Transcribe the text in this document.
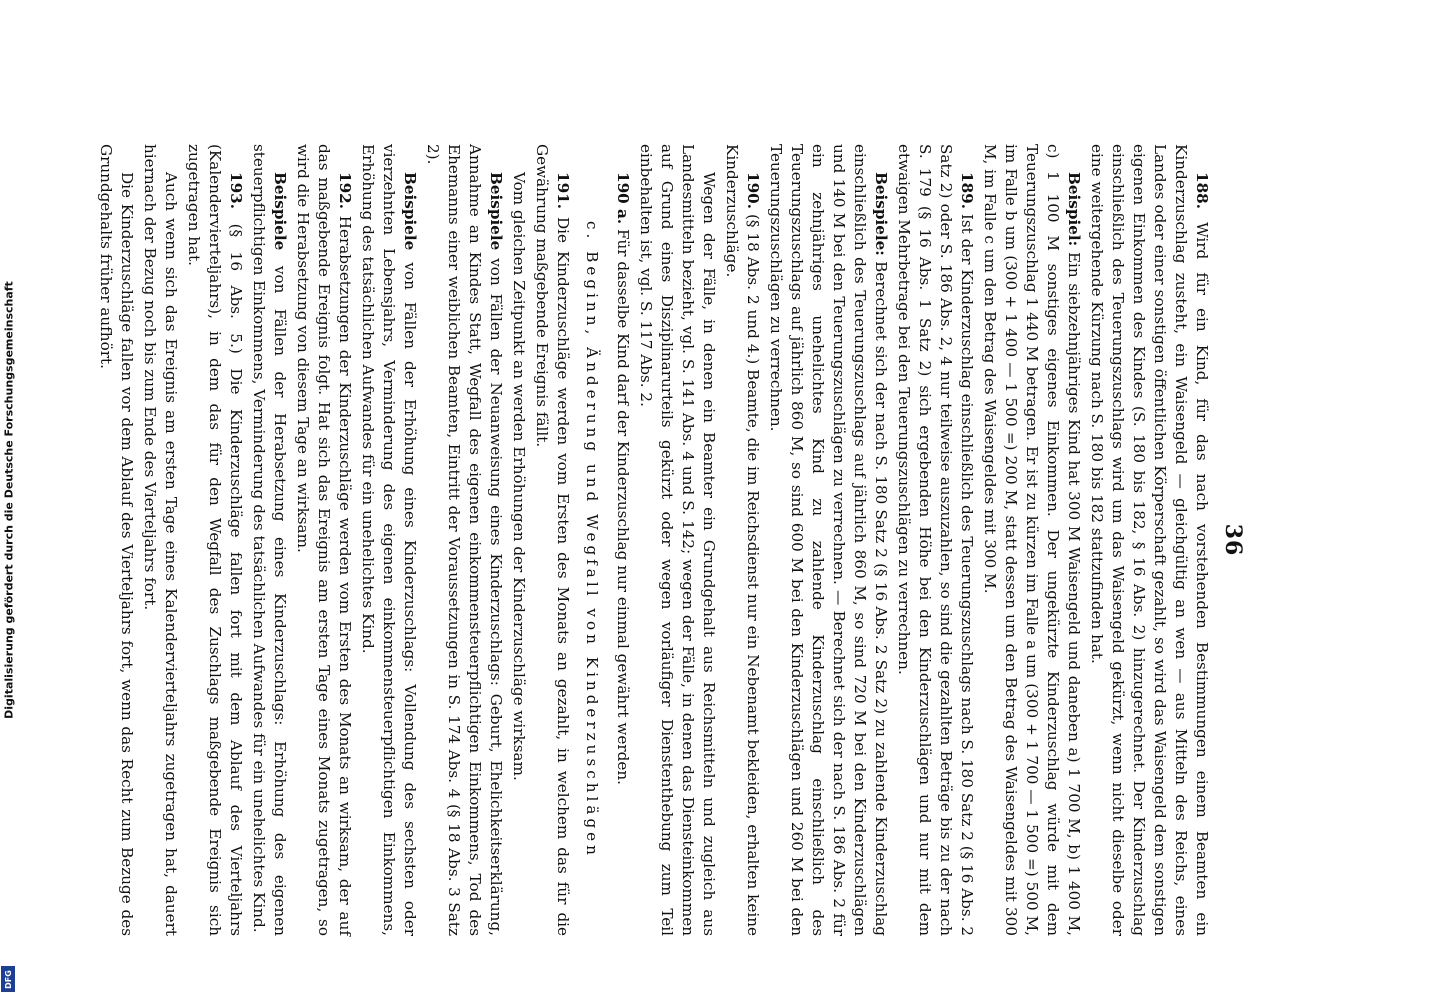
Digitalisierung gefördert durch die Deutsche Forschungsgemeinschaft
DFG
36

188. Wird für ein Kind, für das nach vorstehenden Bestimmungen einem Beamten ein Kinderzuschlag zusteht, ein Waisengeld — gleichgültig an wen — aus Mitteln des Reichs, eines Landes oder einer sonstigen öffentlichen Körperschaft gezahlt, so wird das Waisengeld dem sonstigen eigenen Einkommen des Kindes (S. 180 bis 182, § 16 Abs. 2) hinzugerechnet. Der Kinderzuschlag einschließlich des Teuerungszuschlags wird um das Waisengeld gekürzt, wenn nicht dieselbe oder eine weitergehende Kürzung nach S. 180 bis 182 stattzufinden hat.

Beispiel: Ein siebzehnjähriges Kind hat 300 M Waisengeld und daneben a) 1 700 M, b) 1 400 M, c) 1 100 M sonstiges eigenes Einkommen. Der ungekürzte Kinderzuschlag würde mit dem Teuerungszuschlag 1 440 M betragen. Er ist zu kürzen im Falle a um (300 + 1 700 — 1 500 =) 500 M, im Falle b um (300 + 1 400 — 1 500 =) 200 M, statt dessen um den Betrag des Waisengeldes mit 300 M, im Falle c um den Betrag des Waisengeldes mit 300 M.

189. Ist der Kinderzuschlag einschließlich des Teuerungszuschlags nach S. 180 Satz 2 (§ 16 Abs. 2 Satz 2) oder S. 186 Abs. 2, 4 nur teilweise auszuzahlen, so sind die gezahlten Beträge bis zu der nach S. 179 (§ 16 Abs. 1 Satz 2) sich ergebenden Höhe bei den Kinderzuschlägen und nur mit dem etwaigen Mehrbetrage bei den Teuerungszuschlägen zu verrechnen.

Beispiele: Berechnet sich der nach S. 180 Satz 2 (§ 16 Abs. 2 Satz 2) zu zahlende Kinderzuschlag einschließlich des Teuerungszuschlags auf jährlich 860 M, so sind 720 M bei den Kinderzuschlägen und 140 M bei den Teuerungszuschlägen zu verrechnen. — Berechnet sich der nach S. 186 Abs. 2 für ein zehnjähriges unehelichtes Kind zu zahlende Kinderzuschlag einschließlich des Teuerungszuschlags auf jährlich 860 M, so sind 600 M bei den Kinderzuschlägen und 260 M bei den Teuerungszuschlägen zu verrechnen.

190. (§ 18 Abs. 2 und 4.) Beamte, die im Reichsdienst nur ein Nebenamt bekleiden, erhalten keine Kinderzuschläge.

Wegen der Fälle, in denen ein Beamter ein Grundgehalt aus Reichsmitteln und zugleich aus Landesmitteln bezieht, vgl. S. 141 Abs. 4 und S. 142; wegen der Fälle, in denen das Diensteinkommen auf Grund eines Disziplinarurteils gekürzt oder wegen vorläufiger Dienstenthebung zum Teil einbehalten ist, vgl. S. 117 Abs. 2.

190 a. Für dasselbe Kind darf der Kinderzuschlag nur einmal gewährt werden.

c. Beginn, Änderung und Wegfall von Kinderzuschlägen

191. Die Kinderzuschläge werden vom Ersten des Monats an gezahlt, in welchem das für die Gewährung maßgebende Ereignis fällt.

Vom gleichen Zeitpunkt an werden Erhöhungen der Kinderzuschläge wirksam.

Beispiele von Fällen der Neuanweisung eines Kinderzuschlags: Geburt, Ehelichkeitserklärung, Annahme an Kindes Statt, Wegfall des eigenen einkommensteuerpflichtigen Einkommens, Tod des Ehemanns einer weiblichen Beamten, Eintritt der Voraussetzungen in S. 174 Abs. 4 (§ 18 Abs. 3 Satz 2).

Beispiele von Fällen der Erhöhung eines Kinderzuschlags: Vollendung des sechsten oder vierzehnten Lebensjahrs, Verminderung des eigenen einkommensteuerpflichtigen Einkommens, Erhöhung des tatsächlichen Aufwandes für ein unehelichtes Kind.

192. Herabsetzungen der Kinderzuschläge werden vom Ersten des Monats an wirksam, der auf das maßgebende Ereignis folgt. Hat sich das Ereignis am ersten Tage eines Monats zugetragen, so wird die Herabsetzung von diesem Tage an wirksam.

Beispiele von Fällen der Herabsetzung eines Kinderzuschlags: Erhöhung des eigenen steuerpflichtigen Einkommens, Verminderung des tatsächlichen Aufwandes für ein unehelichtes Kind.

193. (§ 16 Abs. 5.) Die Kinderzuschläge fallen fort mit dem Ablauf des Vierteljahrs (Kalendervierteljahrs), in dem das für den Wegfall des Zuschlags maßgebende Ereignis sich zugetragen hat.

Auch wenn sich das Ereignis am ersten Tage eines Kalendervierteljahrs zugetragen hat, dauert hiernach der Bezug noch bis zum Ende des Vierteljahrs fort.

Die Kinderzuschläge fallen vor dem Ablauf des Vierteljahrs fort, wenn das Recht zum Bezuge des Grundgehalts früher aufhört.
